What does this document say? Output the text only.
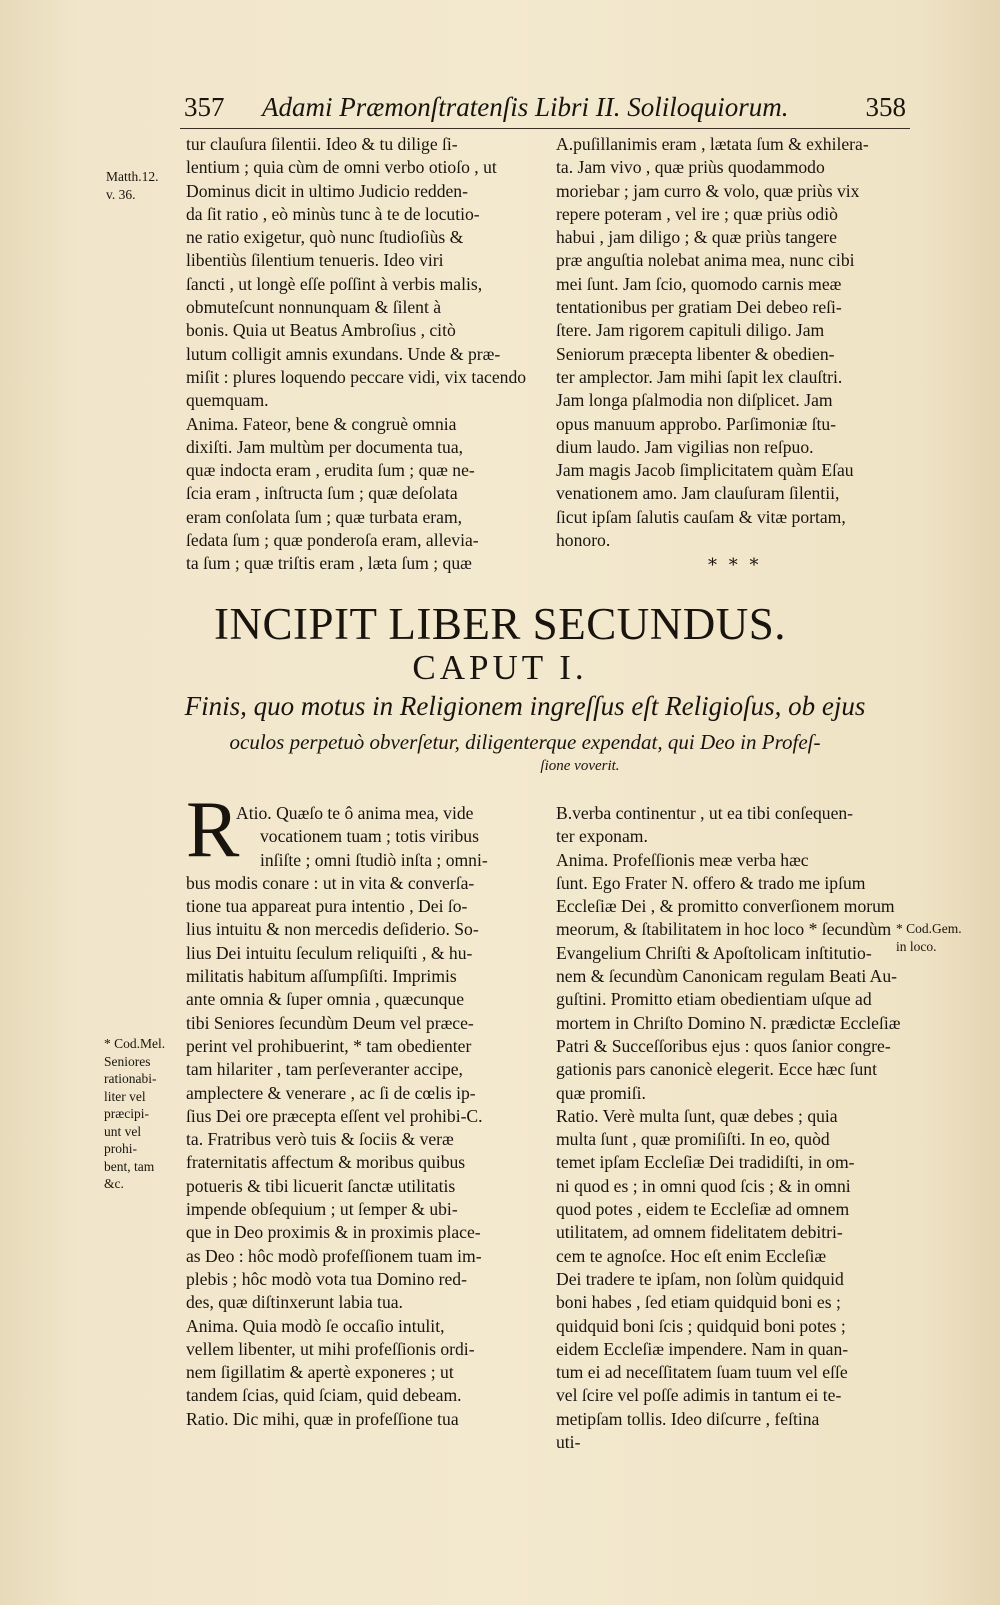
357 Adami Præmonſtratenſis Libri II. Soliloquiorum.	358
tur clauſura ſilentii. Ideo & tu dilige ſi-
lentium ; quia cùm de omni verbo otioſo , ut
Dominus dicit in ultimo Judicio redden-
da ſit ratio , eò minùs tunc à te de locutio-
ne ratio exigetur, quò nunc ſtudioſiùs &
libentiùs ſilentium tenueris. Ideo viri
ſancti , ut longè eſſe poſſint à verbis malis,
obmuteſcunt nonnunquam & ſilent à
bonis. Quia ut Beatus Ambroſius , citò
lutum colligit amnis exundans. Unde & præ-
miſit : plures loquendo peccare vidi, vix tacendo
quemquam.
Anima. Fateor, bene & congruè omnia
dixiſti. Jam multùm per documenta tua,
quæ indocta eram , erudita ſum ; quæ ne-
ſcia eram , inſtructa ſum ; quæ deſolata
eram conſolata ſum ; quæ turbata eram,
ſedata ſum ; quæ ponderoſa eram, allevia-
ta ſum ; quæ triſtis eram , læta ſum ; quæ
A.puſillanimis eram , lætata ſum & exhilera-
ta. Jam vivo , quæ priùs quodammodo
moriebar ; jam curro & volo, quæ priùs vix
repere poteram , vel ire ; quæ priùs odiò
habui , jam diligo ; & quæ priùs tangere
præ anguſtia nolebat anima mea, nunc cibi
mei ſunt. Jam ſcio, quomodo carnis meæ
tentationibus per gratiam Dei debeo reſi-
ſtere. Jam rigorem capituli diligo. Jam
Seniorum præcepta libenter & obedien-
ter amplector. Jam mihi ſapit lex clauſtri.
Jam longa pſalmodia non diſplicet. Jam
opus manuum approbo. Parſimoniæ ſtu-
dium laudo. Jam vigilias non reſpuo.
Jam magis Jacob ſimplicitatem quàm Eſau
venationem amo. Jam clauſuram ſilentii,
ſicut ipſam ſalutis cauſam & vitæ portam,
honoro.
Matth.12.
v. 36.
* * *
INCIPIT LIBER SECUNDUS.
CAPUT I.
Finis, quo motus in Religionem ingreſſus eſt Religioſus, ob ejus
oculos perpetuò obverſetur, diligenterque expendat, qui Deo in Profeſ-
ſione voverit.
R
Atio. Quæſo te ô anima mea, vide
vocationem tuam ; totis viribus
inſiſte ; omni ſtudiò inſta ; omni-
bus modis conare : ut in vita & converſa-
tione tua appareat pura intentio , Dei ſo-
lius intuitu & non mercedis deſiderio. So-
lius Dei intuitu ſeculum reliquiſti , & hu-
militatis habitum aſſumpſiſti. Imprimis
ante omnia & ſuper omnia , quæcunque
tibi Seniores ſecundùm Deum vel præce-
perint vel prohibuerint, * tam obedienter
tam hilariter , tam perſeveranter accipe,
amplectere & venerare , ac ſi de cœlis ip-
ſius Dei ore præcepta eſſent vel prohibi-C.
ta. Fratribus verò tuis & ſociis & veræ
fraternitatis affectum & moribus quibus
potueris & tibi licuerit ſanctæ utilitatis
impende obſequium ; ut ſemper & ubi-
que in Deo proximis & in proximis place-
as Deo : hôc modò profeſſionem tuam im-
plebis ; hôc modò vota tua Domino red-
des, quæ diſtinxerunt labia tua.
Anima. Quia modò ſe occaſio intulit,
vellem libenter, ut mihi profeſſionis ordi-
nem ſigillatim & apertè exponeres ; ut
tandem ſcias, quid ſciam, quid debeam.
Ratio. Dic mihi, quæ in profeſſione tua
B.verba continentur , ut ea tibi conſequen-
ter exponam.
Anima. Profeſſionis meæ verba hæc
ſunt. Ego Frater N. offero & trado me ipſum
Eccleſiæ Dei , & promitto converſionem morum
meorum, & ſtabilitatem in hoc loco * ſecundùm
Evangelium Chriſti & Apoſtolicam inſtitutio-
nem & ſecundùm Canonicam regulam Beati Au-
guſtini. Promitto etiam obedientiam uſque ad
mortem in Chriſto Domino N. prædictæ Eccleſiæ
Patri & Succeſſoribus ejus : quos ſanior congre-
gationis pars canonicè elegerit. Ecce hæc ſunt
quæ promiſi.
Ratio. Verè multa ſunt, quæ debes ; quia
multa ſunt , quæ promiſiſti. In eo, quòd
temet ipſam Eccleſiæ Dei tradidiſti, in om-
ni quod es ; in omni quod ſcis ; & in omni
quod potes , eidem te Eccleſiæ ad omnem
utilitatem, ad omnem fidelitatem debitri-
cem te agnoſce. Hoc eſt enim Eccleſiæ
Dei tradere te ipſam, non ſolùm quidquid
boni habes , ſed etiam quidquid boni es ;
quidquid boni ſcis ; quidquid boni potes ;
eidem Eccleſiæ impendere. Nam in quan-
tum ei ad neceſſitatem ſuam tuum vel eſſe
vel ſcire vel poſſe adimis in tantum ei te-
metipſam tollis. Ideo diſcurre , feſtina
uti-
* Cod.Mel.
Seniores
rationabi-
liter vel
præcipi-
unt vel
prohi-
bent, tam
&c.
* Cod.Gem.
in loco.
